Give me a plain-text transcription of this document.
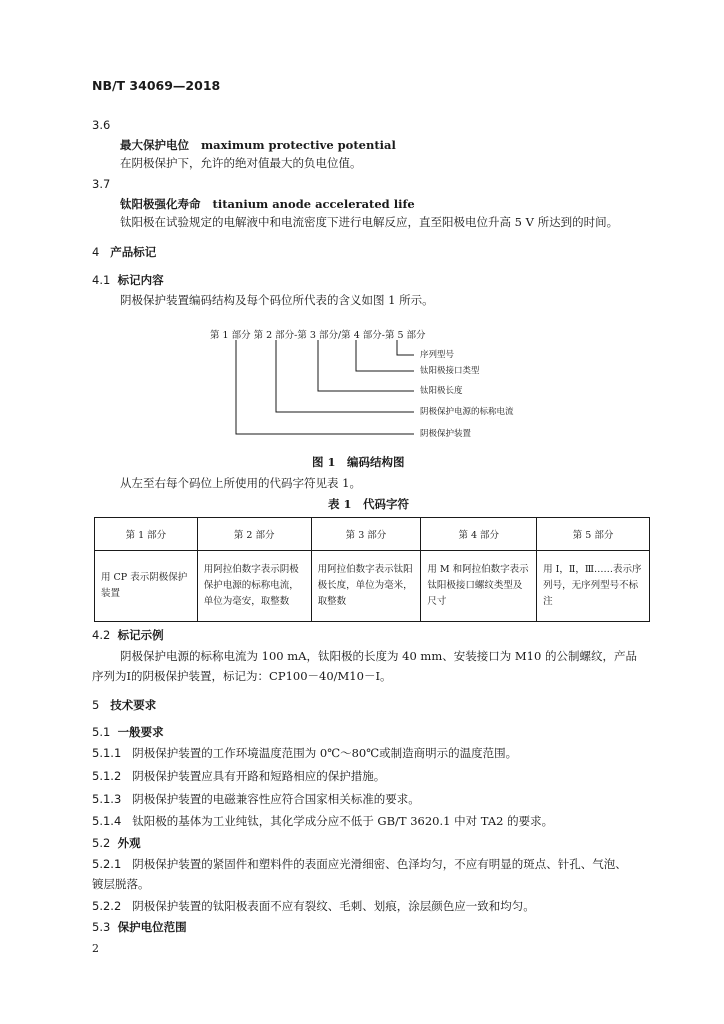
NB/T 34069—2018
3.6
最大保护电位 maximum protective potential
在阴极保护下，允许的绝对值最大的负电位值。
3.7
钛阳极强化寿命 titanium anode accelerated life
钛阳极在试验规定的电解液中和电流密度下进行电解反应，直至阳极电位升高 5 V 所达到的时间。
4 产品标记
4.1 标记内容
阴极保护装置编码结构及每个码位所代表的含义如图 1 所示。
第 1 部分 第 2 部分-第 3 部分/第 4 部分-第 5 部分
序列型号
钛阳极接口类型
钛阳极长度
阴极保护电源的标称电流
阴极保护装置
图 1　编码结构图
从左至右每个码位上所使用的代码字符见表 1。
表 1　代码字符
第 1 部分	第 2 部分	第 3 部分	第 4 部分	第 5 部分
用 CP 表示阴极保护装置	用阿拉伯数字表示阴极保护电源的标称电流，单位为毫安，取整数	用阿拉伯数字表示钛阳极长度，单位为毫米，取整数	用 M 和阿拉伯数字表示钛阳极接口螺纹类型及尺寸	用 Ⅰ，Ⅱ，Ⅲ……表示序列号，无序列型号不标注
4.2 标记示例
阴极保护电源的标称电流为 100 mA，钛阳极的长度为 40 mm、安装接口为 M10 的公制螺纹，产品
序列为Ⅰ的阴极保护装置，标记为：CP100－40/M10－Ⅰ。
5 技术要求
5.1 一般要求
5.1.1 阴极保护装置的工作环境温度范围为 0℃～80℃或制造商明示的温度范围。
5.1.2 阴极保护装置应具有开路和短路相应的保护措施。
5.1.3 阴极保护装置的电磁兼容性应符合国家相关标准的要求。
5.1.4 钛阳极的基体为工业纯钛，其化学成分应不低于 GB/T 3620.1 中对 TA2 的要求。
5.2 外观
5.2.1 阴极保护装置的紧固件和塑料件的表面应光滑细密、色泽均匀，不应有明显的斑点、针孔、气泡、
镀层脱落。
5.2.2 阴极保护装置的钛阳极表面不应有裂纹、毛刺、划痕，涂层颜色应一致和均匀。
5.3 保护电位范围
2
